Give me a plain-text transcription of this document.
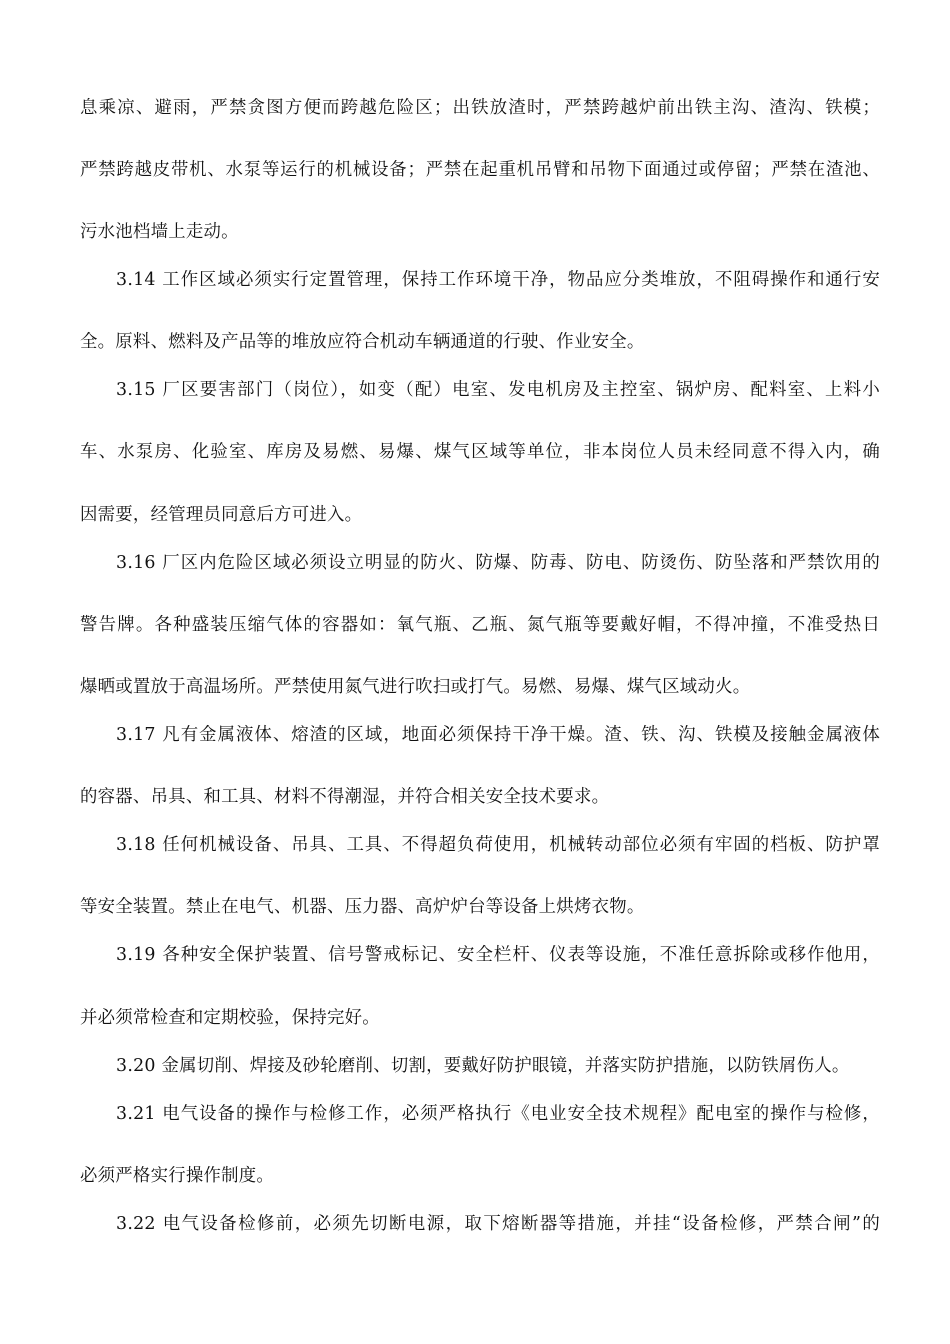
息乘凉、避雨，严禁贪图方便而跨越危险区；出铁放渣时，严禁跨越炉前出铁主沟、渣沟、铁模；
严禁跨越皮带机、水泵等运行的机械设备；严禁在起重机吊臂和吊物下面通过或停留；严禁在渣池、
污水池档墙上走动。
3.14 工作区域必须实行定置管理，保持工作环境干净，物品应分类堆放，不阻碍操作和通行安
全。原料、燃料及产品等的堆放应符合机动车辆通道的行驶、作业安全。
3.15 厂区要害部门（岗位），如变（配）电室、发电机房及主控室、锅炉房、配料室、上料小
车、水泵房、化验室、库房及易燃、易爆、煤气区域等单位，非本岗位人员未经同意不得入内，确
因需要，经管理员同意后方可进入。
3.16 厂区内危险区域必须设立明显的防火、防爆、防毒、防电、防烫伤、防坠落和严禁饮用的
警告牌。各种盛装压缩气体的容器如：氧气瓶、乙瓶、氮气瓶等要戴好帽，不得冲撞，不准受热日
爆晒或置放于高温场所。严禁使用氮气进行吹扫或打气。易燃、易爆、煤气区域动火。
3.17 凡有金属液体、熔渣的区域，地面必须保持干净干燥。渣、铁、沟、铁模及接触金属液体
的容器、吊具、和工具、材料不得潮湿，并符合相关安全技术要求。
3.18 任何机械设备、吊具、工具、不得超负荷使用，机械转动部位必须有牢固的档板、防护罩
等安全装置。禁止在电气、机器、压力器、高炉炉台等设备上烘烤衣物。
3.19 各种安全保护装置、信号警戒标记、安全栏杆、仪表等设施，不准任意拆除或移作他用，
并必须常检查和定期校验，保持完好。
3.20 金属切削、焊接及砂轮磨削、切割，要戴好防护眼镜，并落实防护措施，以防铁屑伤人。
3.21 电气设备的操作与检修工作，必须严格执行《电业安全技术规程》配电室的操作与检修，
必须严格实行操作制度。
3.22 电气设备检修前，必须先切断电源，取下熔断器等措施，并挂“设备检修，严禁合闸”的
